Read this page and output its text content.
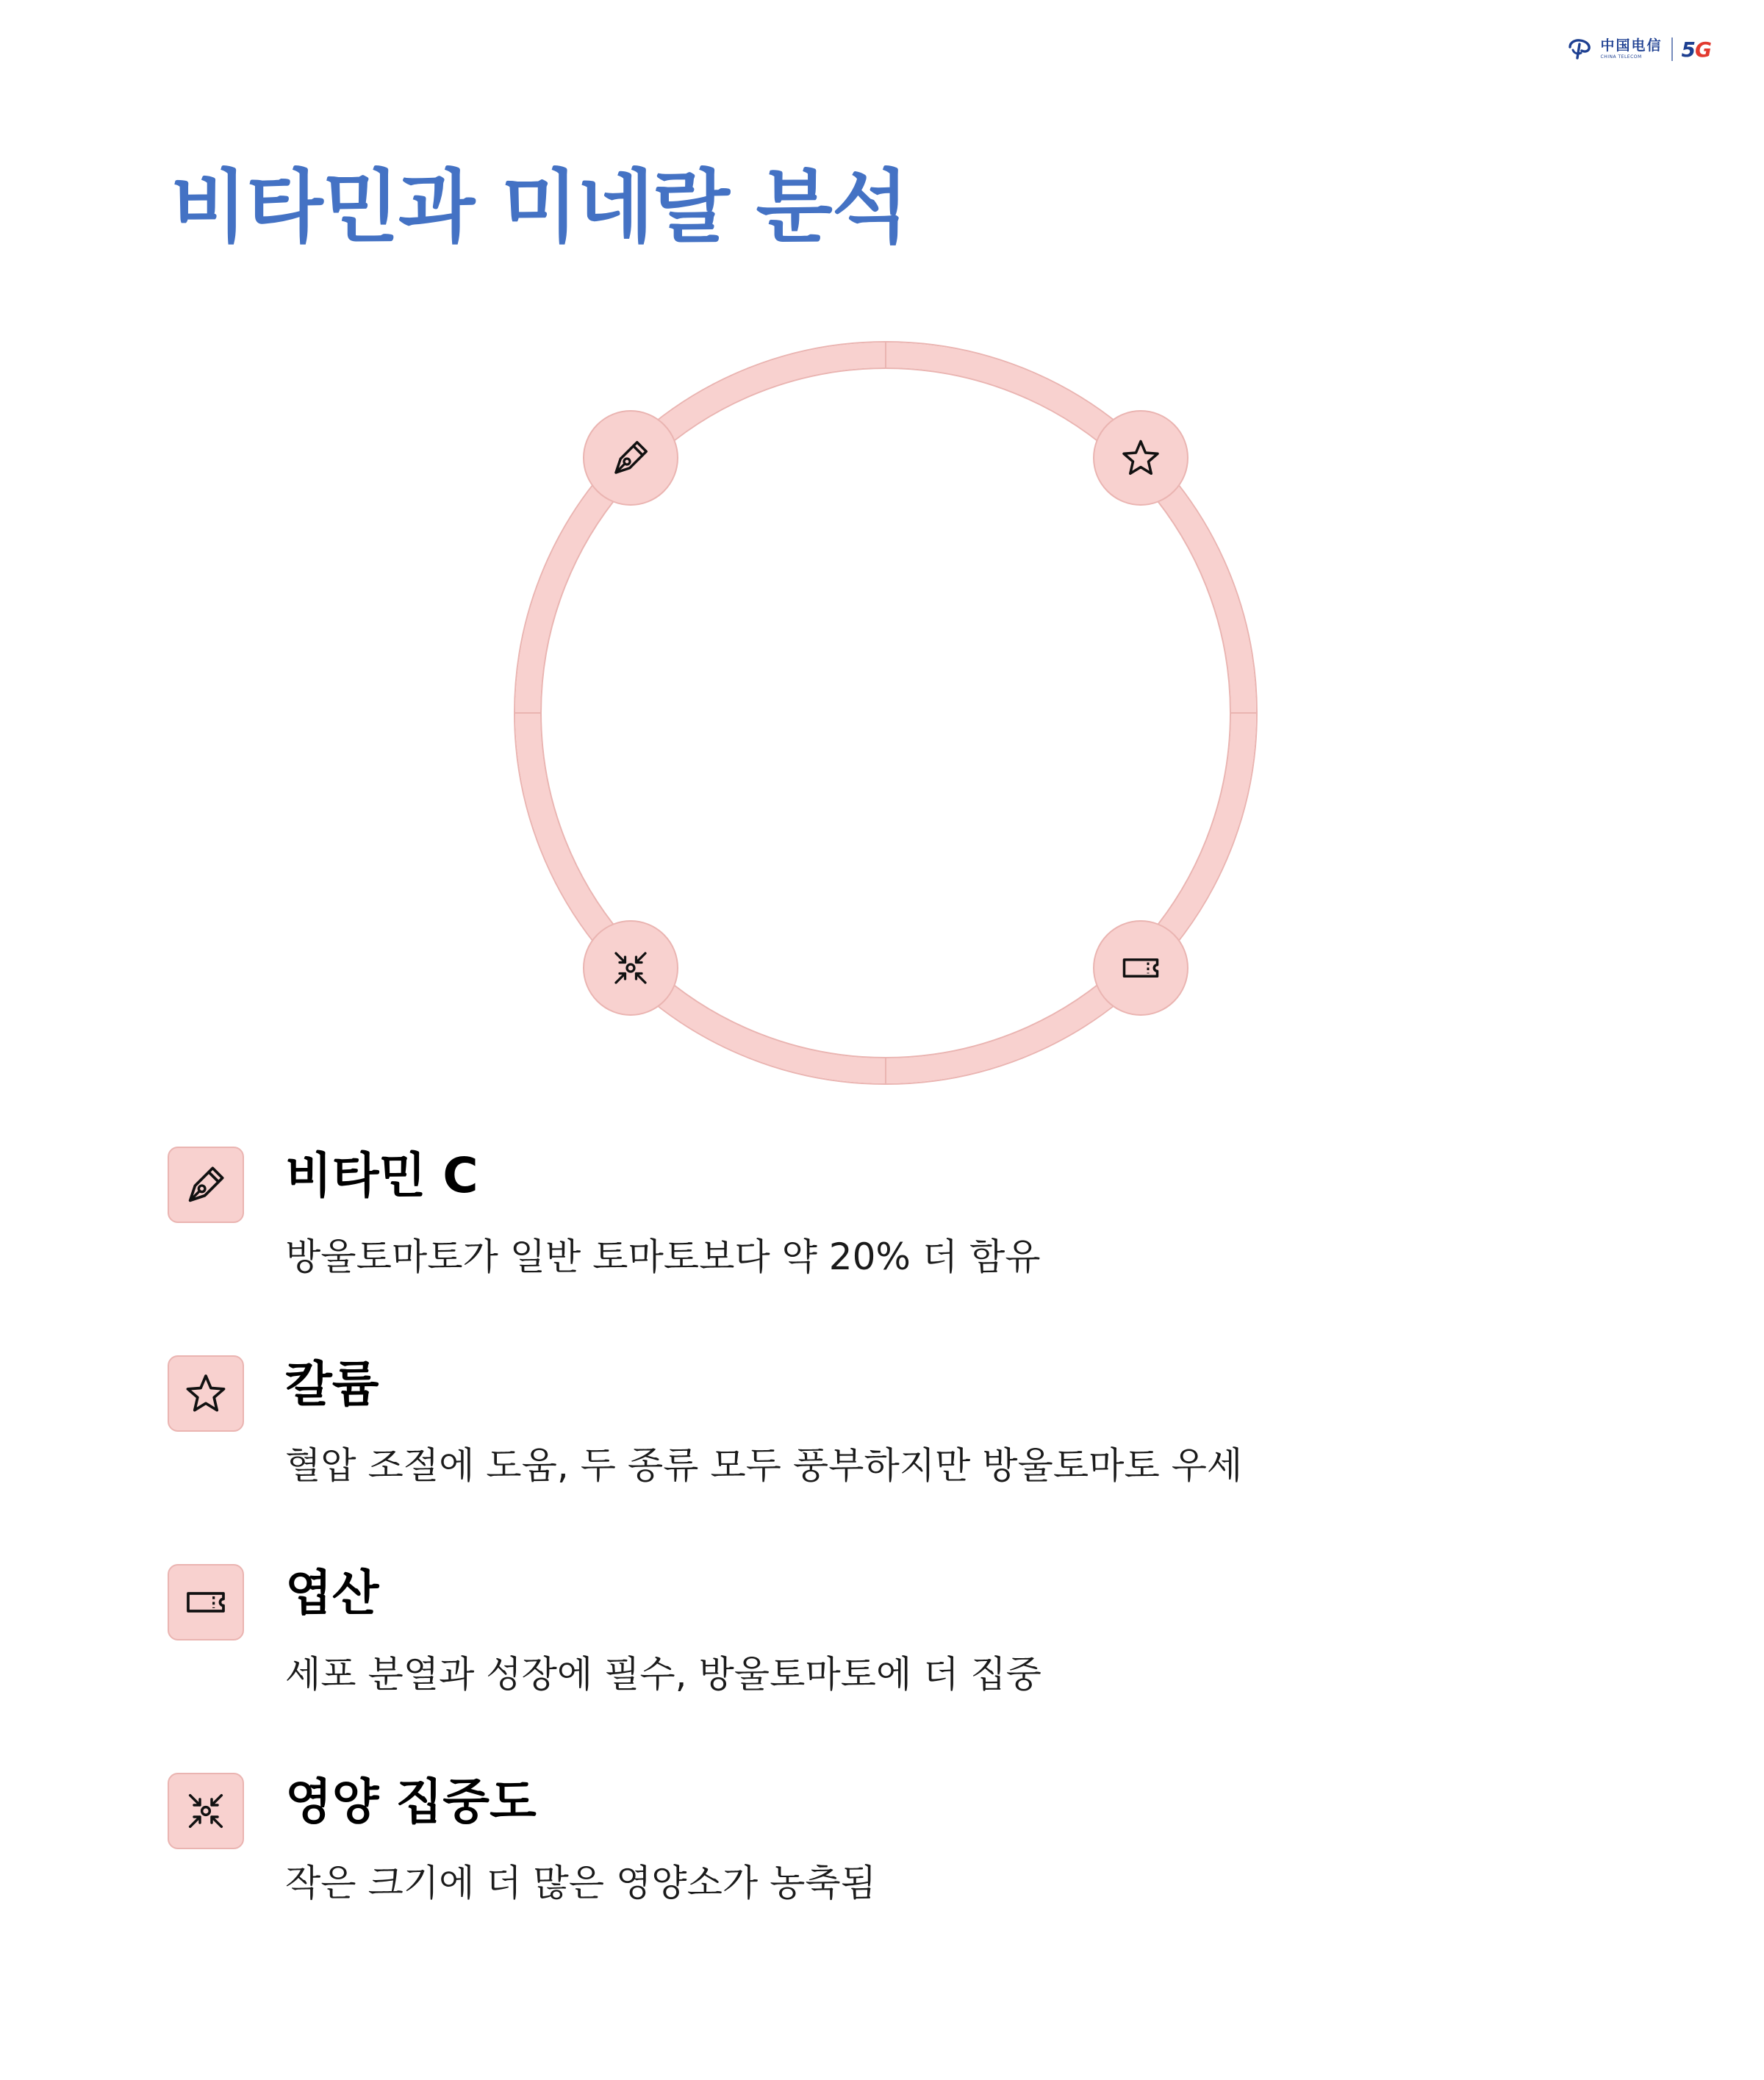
中国电信
CHINA TELECOM	5G
비타민과 미네랄 분석
비타민 C

방울토마토가 일반 토마토보다 약 20% 더 함유

칼륨

혈압 조절에 도움, 두 종류 모두 풍부하지만 방울토마토 우세

엽산

세포 분열과 성장에 필수, 방울토마토에 더 집중

영양 집중도

작은 크기에 더 많은 영양소가 농축됨
